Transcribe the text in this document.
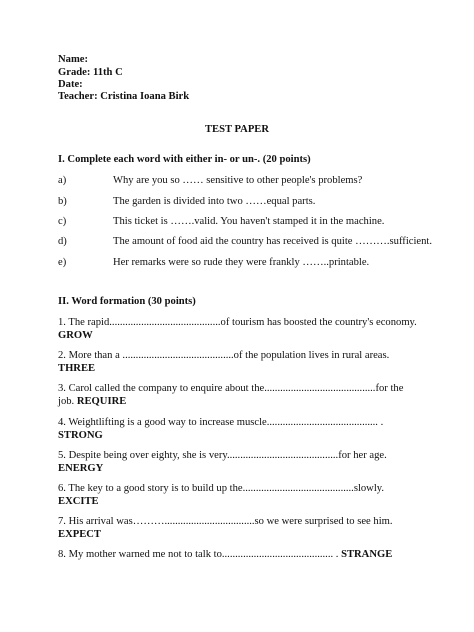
Name:
Grade: 11th C
Date:
Teacher: Cristina Ioana Birk
TEST PAPER
I. Complete each word with either in- or un-. (20 points)
a)	Why are you so …… sensitive to other people's problems?
b)	The garden is divided into two ……equal parts.
c)	This ticket is …….valid. You haven't stamped it in the machine.
d)	The amount of food aid the country has received is quite ……….sufficient.
e)	Her remarks were so rude they were frankly ……..printable.
II. Word formation (30 points)
1. The rapid..........................................of tourism has boosted the country's economy.
GROW
2. More than a ..........................................of the population lives in rural areas.
THREE
3. Carol called the company to enquire about the..........................................for the
job. REQUIRE
4. Weightlifting is a good way to increase muscle.......................................... .
STRONG
5. Despite being over eighty, she is very..........................................for her age.
ENERGY
6. The key to a good story is to build up the..........................................slowly.
EXCITE
7. His arrival was………..................................so we were surprised to see him.
EXPECT
8. My mother warned me not to talk to.......................................... . STRANGE
